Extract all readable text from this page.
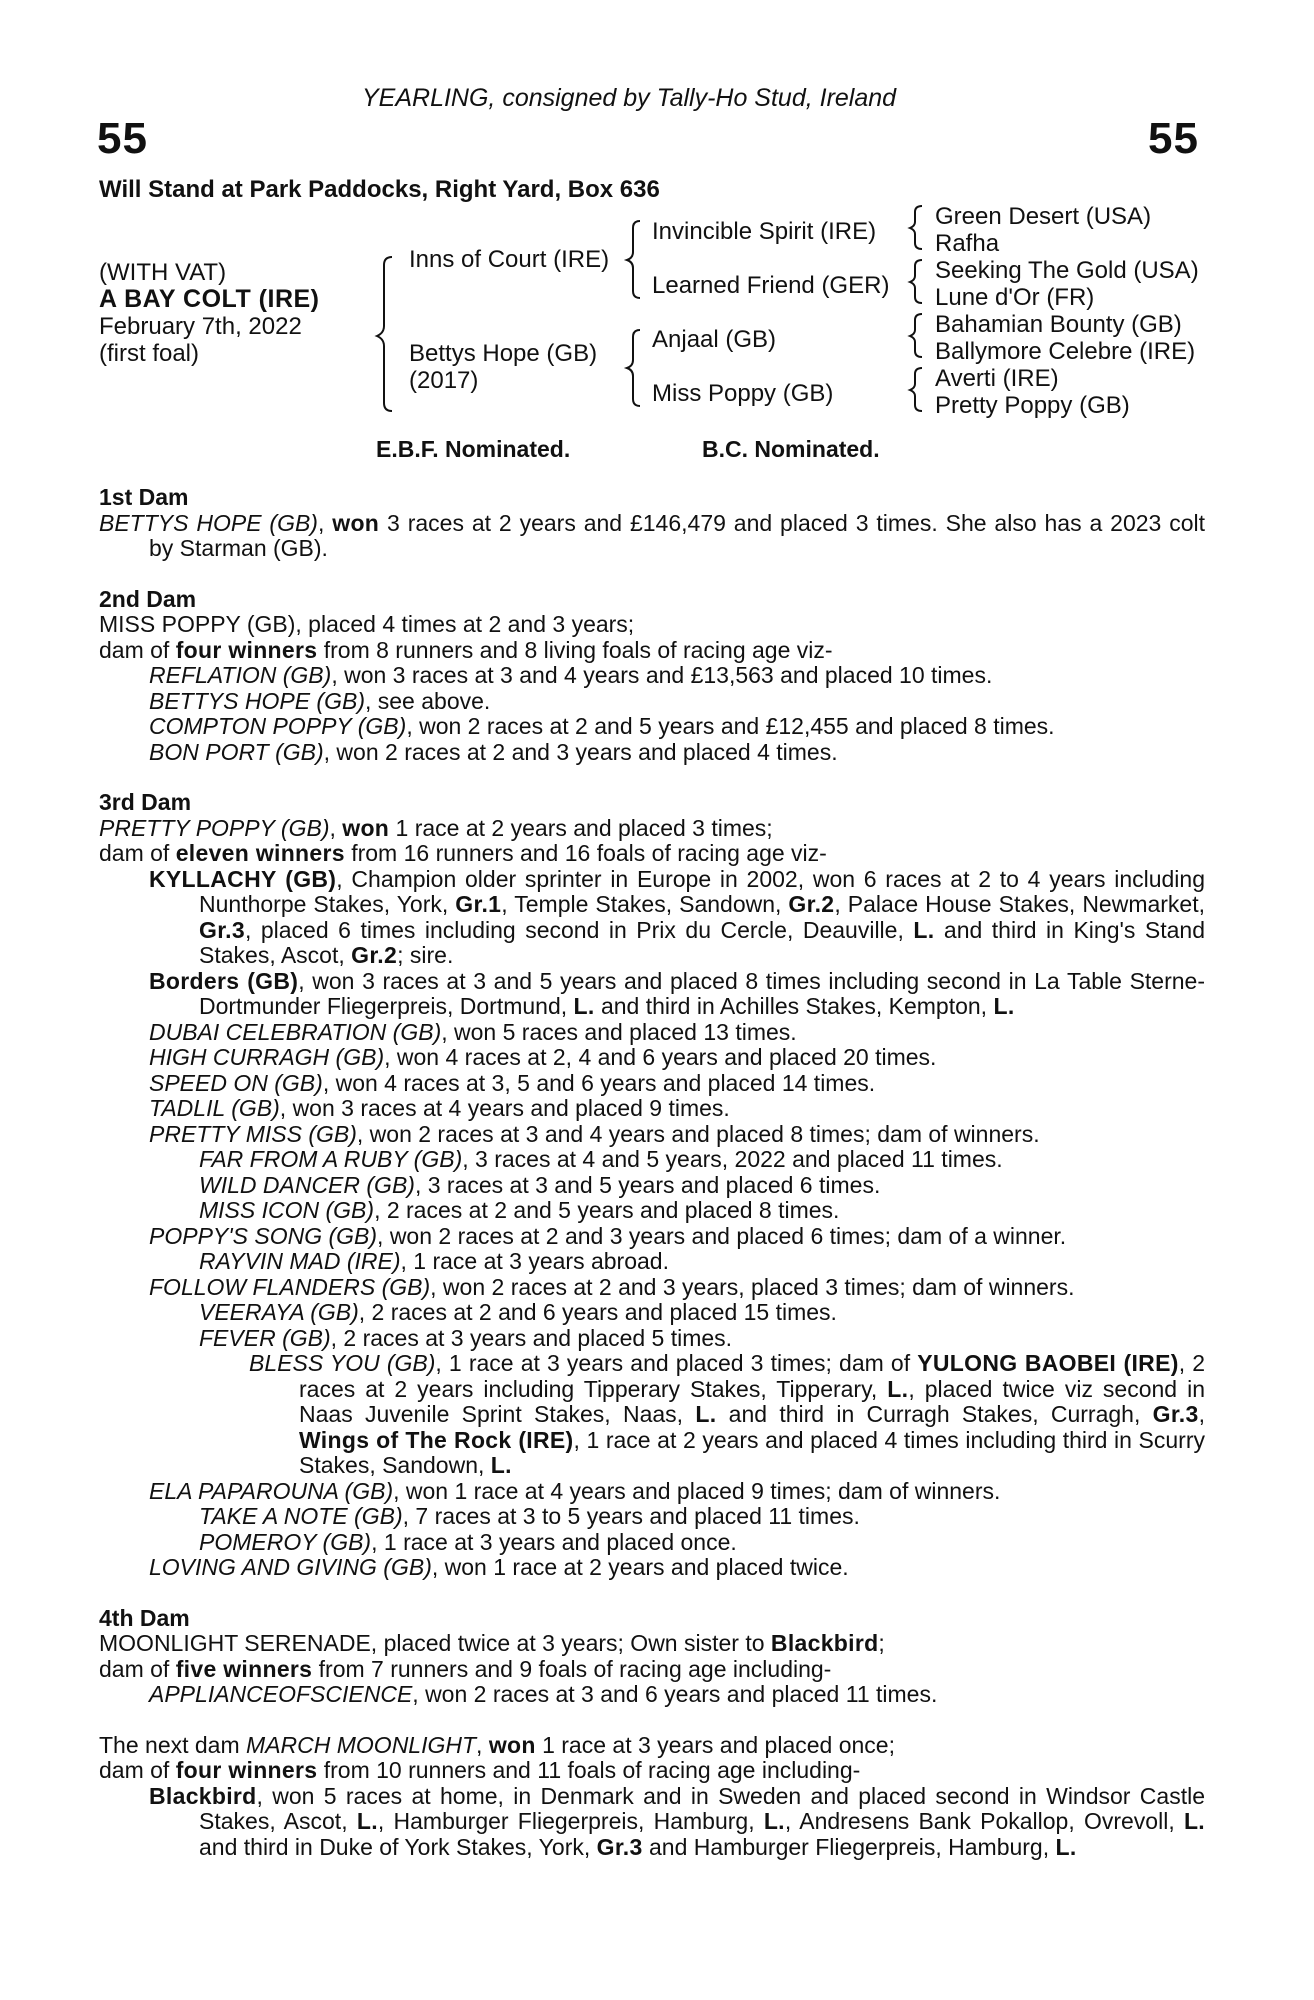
YEARLING, consigned by Tally-Ho Stud, Ireland
55	55
Will Stand at Park Paddocks, Right Yard, Box 636
(WITH VAT)
A BAY COLT (IRE)
February 7th, 2022
(first foal)
Inns of Court (IRE)
Bettys Hope (GB)
(2017)
Invincible Spirit (IRE)
Learned Friend (GER)
Anjaal (GB)
Miss Poppy (GB)
Green Desert (USA)
Rafha
Seeking The Gold (USA)
Lune d'Or (FR)
Bahamian Bounty (GB)
Ballymore Celebre (IRE)
Averti (IRE)
Pretty Poppy (GB)
E.B.F. Nominated.	B.C. Nominated.

1st Dam

BETTYS HOPE (GB), won 3 races at 2 years and £146,479 and placed 3 times. She also has a 2023 colt by Starman (GB).

2nd Dam

MISS POPPY (GB), placed 4 times at 2 and 3 years;

dam of four winners from 8 runners and 8 living foals of racing age viz-

REFLATION (GB), won 3 races at 3 and 4 years and £13,563 and placed 10 times.

BETTYS HOPE (GB), see above.

COMPTON POPPY (GB), won 2 races at 2 and 5 years and £12,455 and placed 8 times.

BON PORT (GB), won 2 races at 2 and 3 years and placed 4 times.

3rd Dam

PRETTY POPPY (GB), won 1 race at 2 years and placed 3 times;

dam of eleven winners from 16 runners and 16 foals of racing age viz-

KYLLACHY (GB), Champion older sprinter in Europe in 2002, won 6 races at 2 to 4 years including Nunthorpe Stakes, York, Gr.1, Temple Stakes, Sandown, Gr.2, Palace House Stakes, Newmarket, Gr.3, placed 6 times including second in Prix du Cercle, Deauville, L. and third in King's Stand Stakes, Ascot, Gr.2; sire.

Borders (GB), won 3 races at 3 and 5 years and placed 8 times including second in La Table Sterne-Dortmunder Fliegerpreis, Dortmund, L. and third in Achilles Stakes, Kempton, L.

DUBAI CELEBRATION (GB), won 5 races and placed 13 times.

HIGH CURRAGH (GB), won 4 races at 2, 4 and 6 years and placed 20 times.

SPEED ON (GB), won 4 races at 3, 5 and 6 years and placed 14 times.

TADLIL (GB), won 3 races at 4 years and placed 9 times.

PRETTY MISS (GB), won 2 races at 3 and 4 years and placed 8 times; dam of winners.

FAR FROM A RUBY (GB), 3 races at 4 and 5 years, 2022 and placed 11 times.

WILD DANCER (GB), 3 races at 3 and 5 years and placed 6 times.

MISS ICON (GB), 2 races at 2 and 5 years and placed 8 times.

POPPY'S SONG (GB), won 2 races at 2 and 3 years and placed 6 times; dam of a winner.

RAYVIN MAD (IRE), 1 race at 3 years abroad.

FOLLOW FLANDERS (GB), won 2 races at 2 and 3 years, placed 3 times; dam of winners.

VEERAYA (GB), 2 races at 2 and 6 years and placed 15 times.

FEVER (GB), 2 races at 3 years and placed 5 times.

BLESS YOU (GB), 1 race at 3 years and placed 3 times; dam of YULONG BAOBEI (IRE), 2 races at 2 years including Tipperary Stakes, Tipperary, L., placed twice viz second in Naas Juvenile Sprint Stakes, Naas, L. and third in Curragh Stakes, Curragh, Gr.3, Wings of The Rock (IRE), 1 race at 2 years and placed 4 times including third in Scurry Stakes, Sandown, L.

ELA PAPAROUNA (GB), won 1 race at 4 years and placed 9 times; dam of winners.

TAKE A NOTE (GB), 7 races at 3 to 5 years and placed 11 times.

POMEROY (GB), 1 race at 3 years and placed once.

LOVING AND GIVING (GB), won 1 race at 2 years and placed twice.

4th Dam

MOONLIGHT SERENADE, placed twice at 3 years; Own sister to Blackbird;

dam of five winners from 7 runners and 9 foals of racing age including-

APPLIANCEOFSCIENCE, won 2 races at 3 and 6 years and placed 11 times.

The next dam MARCH MOONLIGHT, won 1 race at 3 years and placed once;

dam of four winners from 10 runners and 11 foals of racing age including-

Blackbird, won 5 races at home, in Denmark and in Sweden and placed second in Windsor Castle Stakes, Ascot, L., Hamburger Fliegerpreis, Hamburg, L., Andresens Bank Pokallop, Ovrevoll, L. and third in Duke of York Stakes, York, Gr.3 and Hamburger Fliegerpreis, Hamburg, L.
